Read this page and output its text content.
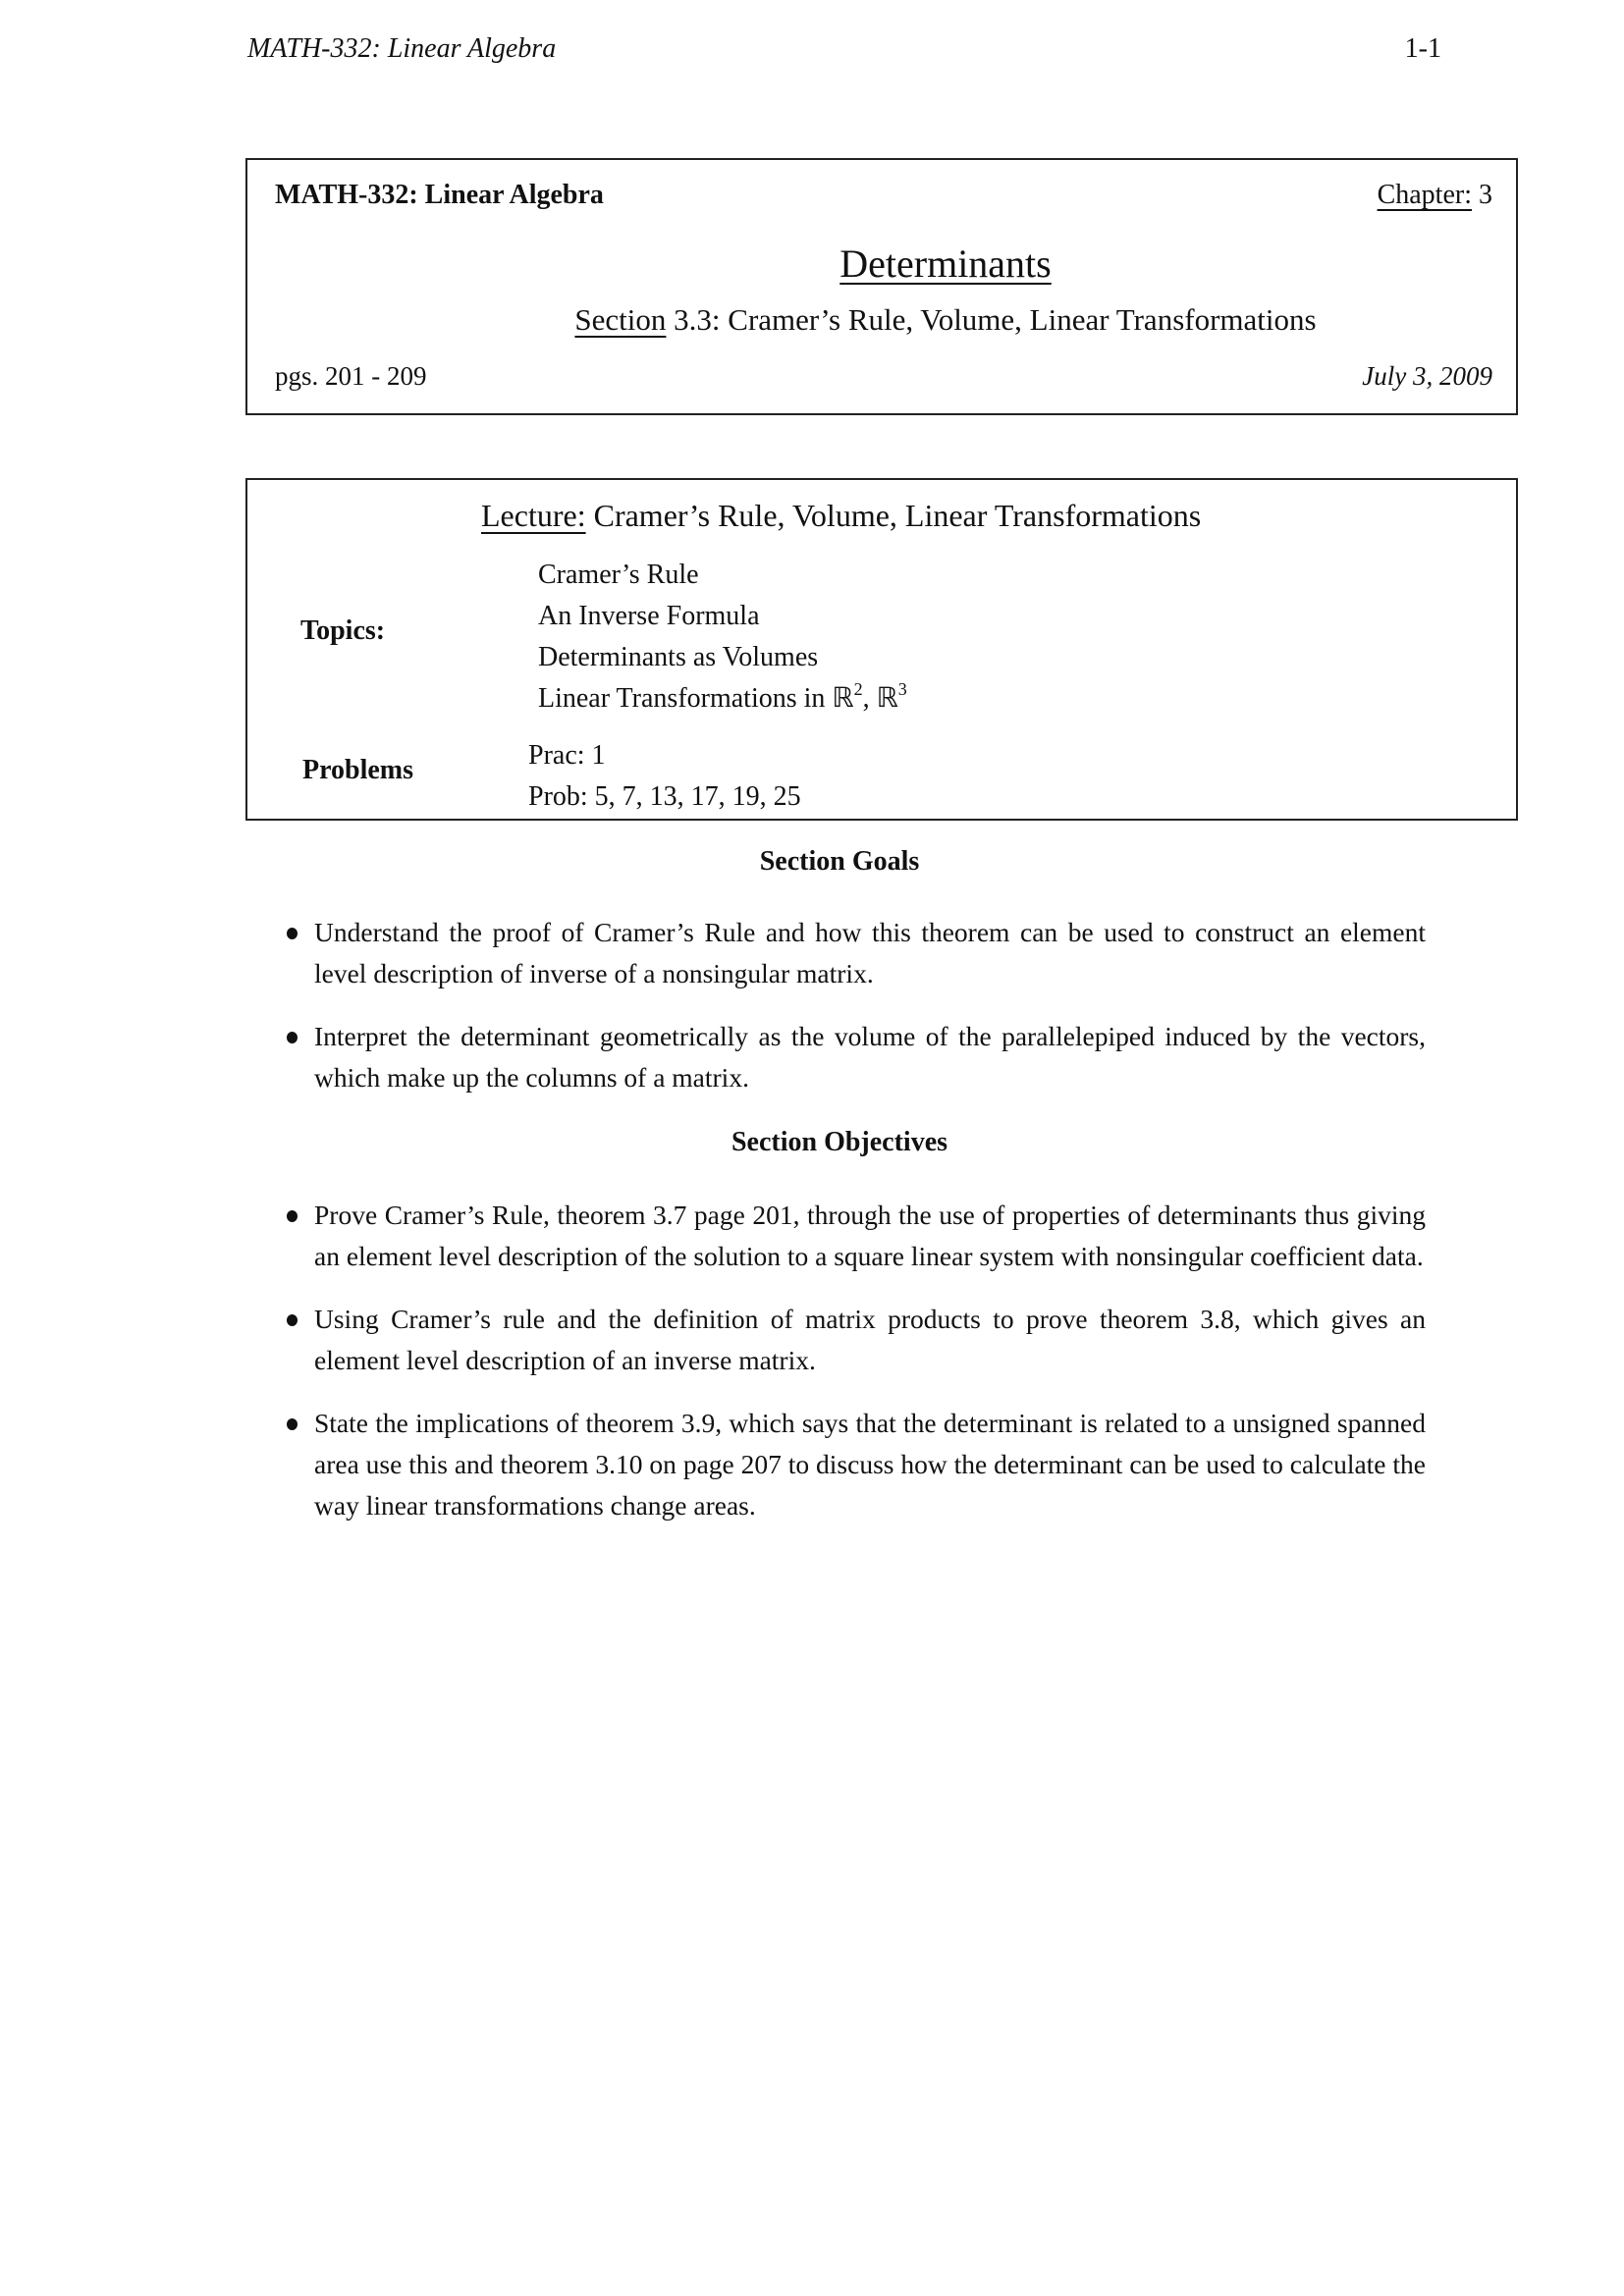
MATH-332: Linear Algebra	1-1
MATH-332: Linear Algebra	Chapter: 3
Determinants
Section 3.3: Cramer’s Rule, Volume, Linear Transformations
pgs. 201 - 209	July 3, 2009
Lecture: Cramer’s Rule, Volume, Linear Transformations
Topics:
Cramer’s Rule
An Inverse Formula
Determinants as Volumes
Linear Transformations in ℝ$^2$, ℝ$^3$
Problems	Prac: 1
Prob: 5, 7, 13, 17, 19, 25
Section Goals
Understand the proof of Cramer’s Rule and how this theorem can be used to construct an element level description of inverse of a nonsingular matrix.
Interpret the determinant geometrically as the volume of the parallelepiped induced by the vectors, which make up the columns of a matrix.
Section Objectives
Prove Cramer’s Rule, theorem 3.7 page 201, through the use of properties of determinants thus giving an element level description of the solution to a square linear system with nonsingular coefficient data.
Using Cramer’s rule and the definition of matrix products to prove theorem 3.8, which gives an element level description of an inverse matrix.
State the implications of theorem 3.9, which says that the determinant is related to a unsigned spanned area use this and theorem 3.10 on page 207 to discuss how the determinant can be used to calculate the way linear transformations change areas.
